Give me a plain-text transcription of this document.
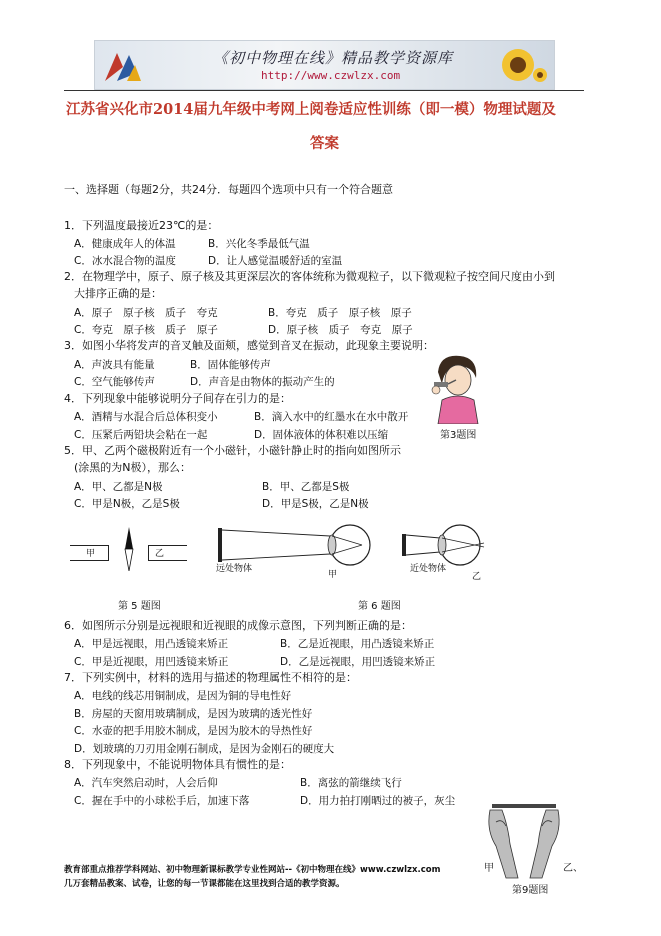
《初中物理在线》精品教学资源库
http://www.czwlzx.com
江苏省兴化市2014届九年级中考网上阅卷适应性训练（即一模）物理试题及
答案
一、选择题（每题2分，共24分．每题四个选项中只有一个符合题意
1．下列温度最接近23℃的是：
A．健康成年人的体温	B．兴化冬季最低气温
C．冰水混合物的温度	D．让人感觉温暖舒适的室温
2．在物理学中，原子、原子核及其更深层次的客体统称为微观粒子，以下微观粒子按空间尺度由小到
大排序正确的是：
A．原子　原子核　质子　夸克	B．夸克　质子　原子核　原子
C．夸克　原子核　质子　原子	D．原子核　质子　夸克　原子
3．如图小华将发声的音叉触及面颊，感觉到音叉在振动，此现象主要说明：
A．声波具有能量	B．固体能够传声
C．空气能够传声	D．声音是由物体的振动产生的
第3题图
4．下列现象中能够说明分子间存在引力的是：
A．酒精与水混合后总体积变小	B．滴入水中的红墨水在水中散开
C．压紧后两铅块会粘在一起	D．固体液体的体积难以压缩
5．甲、乙两个磁极附近有一个小磁针，小磁针静止时的指向如图所示
(涂黑的为N极），那么：
A．甲、乙都是N极	B．甲、乙都是S极
C．甲是N极，乙是S极	D．甲是S极，乙是N极
甲	乙
第 5 题图
远处物体
甲
近处物体
乙
第 6 题图
6．如图所示分别是远视眼和近视眼的成像示意图，下列判断正确的是：
A．甲是远视眼，用凸透镜来矫正	B．乙是近视眼，用凸透镜来矫正
C．甲是近视眼，用凹透镜来矫正	D．乙是远视眼，用凹透镜来矫正
7．下列实例中，材料的选用与描述的物理属性不相符的是：
A．电线的线芯用铜制成，是因为铜的导电性好
B．房屋的天窗用玻璃制成，是因为玻璃的透光性好
C．水壶的把手用胶木制成，是因为胶木的导热性好
D．划玻璃的刀刃用金刚石制成，是因为金刚石的硬度大
8．下列现象中，不能说明物体具有惯性的是：
A．汽车突然启动时，人会后仰	B．离弦的箭继续飞行
C．握在手中的小球松手后，加速下落	D．用力拍打刚晒过的被子，灰尘
甲	乙、
第9题图
教育部重点推荐学科网站、初中物理新课标教学专业性网站--《初中物理在线》www.czwlzx.com
几万套精品教案、试卷，让您的每一节课都能在这里找到合适的教学资源。
